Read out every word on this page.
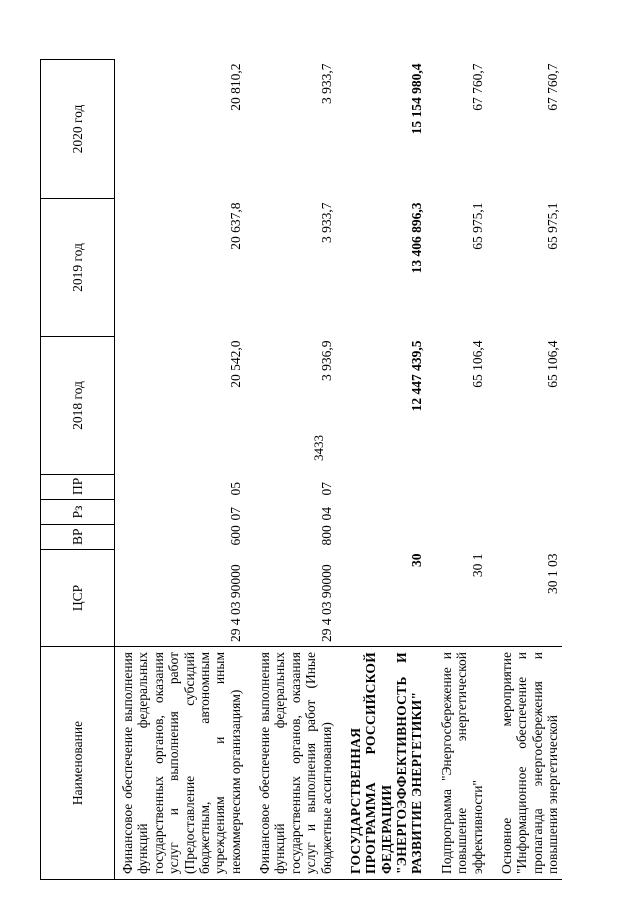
3433
Наименование	ЦСР	ВР	Рз	ПР	2018 год	2019 год	2020 год
Финансовое обеспечение выполнения функций федеральных государственных органов, оказания услуг и выполнения работ (Предоставление субсидий бюджетным, автономным учреждениям и иным некоммерческим организациям)	29 4 03 90000	600	07	05	20 542,0	20 637,8	20 810,2
Финансовое обеспечение выполнения функций федеральных государственных органов, оказания услуг и выполнения работ (Иные бюджетные ассигнования)	29 4 03 90000	800	04	07	3 936,9	3 933,7	3 933,7
ГОСУДАРСТВЕННАЯ ПРОГРАММА РОССИЙСКОЙ ФЕДЕРАЦИИ "ЭНЕРГОЭФФЕКТИВНОСТЬ И РАЗВИТИЕ ЭНЕРГЕТИКИ"	30				12 447 439,5	13 406 896,3	15 154 980,4
Подпрограмма "Энергосбережение и повышение энергетической эффективности"	30 1				65 106,4	65 975,1	67 760,7
Основное мероприятие "Информационное обеспечение и пропаганда энергосбережения и повышения энергетической	30 1 03				65 106,4	65 975,1	67 760,7
